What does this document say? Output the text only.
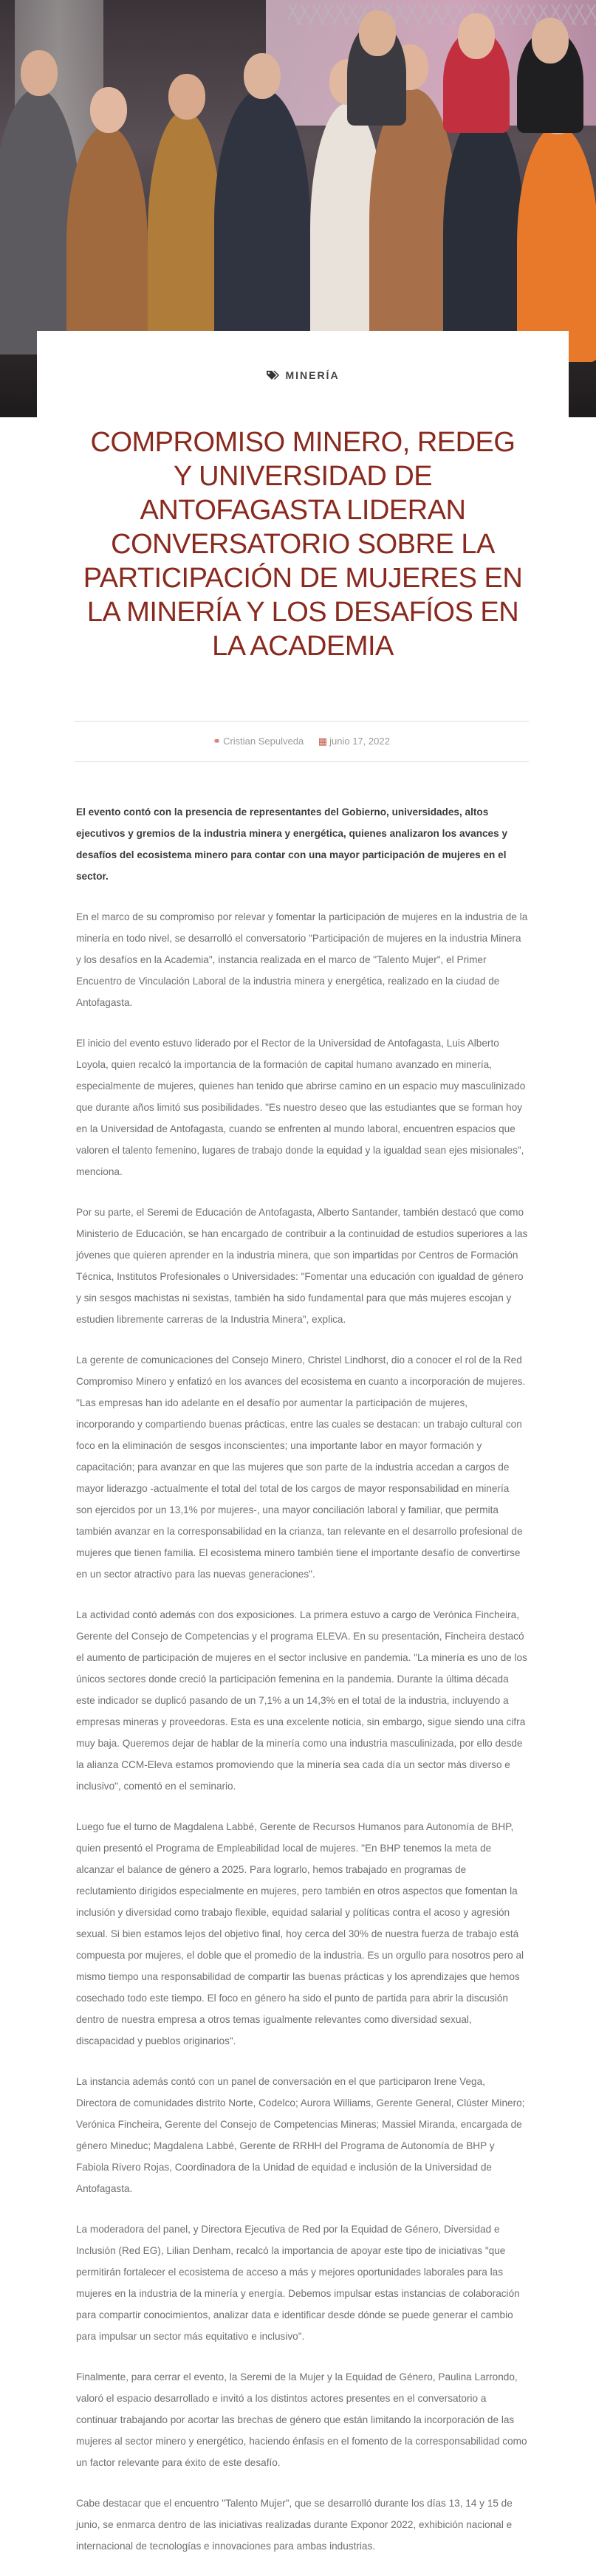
MINERÍA
COMPROMISO MINERO, REDEG Y UNIVERSIDAD DE ANTOFAGASTA LIDERAN CONVERSATORIO SOBRE LA PARTICIPACIÓN DE MUJERES EN LA MINERÍA Y LOS DESAFÍOS EN LA ACADEMIA
⚭ Cristian Sepulveda ▦ junio 17, 2022

El evento contó con la presencia de representantes del Gobierno, universidades, altos ejecutivos y gremios de la industria minera y energética, quienes analizaron los avances y desafíos del ecosistema minero para contar con una mayor participación de mujeres en el sector.

En el marco de su compromiso por relevar y fomentar la participación de mujeres en la industria de la minería en todo nivel, se desarrolló el conversatorio "Participación de mujeres en la industria Minera y los desafíos en la Academia", instancia realizada en el marco de "Talento Mujer", el Primer Encuentro de Vinculación Laboral de la industria minera y energética, realizado en la ciudad de Antofagasta.

El inicio del evento estuvo liderado por el Rector de la Universidad de Antofagasta, Luis Alberto Loyola, quien recalcó la importancia de la formación de capital humano avanzado en minería, especialmente de mujeres, quienes han tenido que abrirse camino en un espacio muy masculinizado que durante años limitó sus posibilidades. "Es nuestro deseo que las estudiantes que se forman hoy en la Universidad de Antofagasta, cuando se enfrenten al mundo laboral, encuentren espacios que valoren el talento femenino, lugares de trabajo donde la equidad y la igualdad sean ejes misionales", menciona.

Por su parte, el Seremi de Educación de Antofagasta, Alberto Santander, también destacó que como Ministerio de Educación, se han encargado de contribuir a la continuidad de estudios superiores a las jóvenes que quieren aprender en la industria minera, que son impartidas por Centros de Formación Técnica, Institutos Profesionales o Universidades: "Fomentar una educación con igualdad de género y sin sesgos machistas ni sexistas, también ha sido fundamental para que más mujeres escojan y estudien libremente carreras de la Industria Minera", explica.

La gerente de comunicaciones del Consejo Minero, Christel Lindhorst, dio a conocer el rol de la Red Compromiso Minero y enfatizó en los avances del ecosistema en cuanto a incorporación de mujeres. "Las empresas han ido adelante en el desafío por aumentar la participación de mujeres, incorporando y compartiendo buenas prácticas, entre las cuales se destacan: un trabajo cultural con foco en la eliminación de sesgos inconscientes; una importante labor en mayor formación y capacitación; para avanzar en que las mujeres que son parte de la industria accedan a cargos de mayor liderazgo -actualmente el total del total de los cargos de mayor responsabilidad en minería son ejercidos por un 13,1% por mujeres-, una mayor conciliación laboral y familiar, que permita también avanzar en la corresponsabilidad en la crianza, tan relevante en el desarrollo profesional de mujeres que tienen familia. El ecosistema minero también tiene el importante desafío de convertirse en un sector atractivo para las nuevas generaciones".

La actividad contó además con dos exposiciones. La primera estuvo a cargo de Verónica Fincheira, Gerente del Consejo de Competencias y el programa ELEVA. En su presentación, Fincheira destacó el aumento de participación de mujeres en el sector inclusive en pandemia. "La minería es uno de los únicos sectores donde creció la participación femenina en la pandemia. Durante la última década este indicador se duplicó pasando de un 7,1% a un 14,3% en el total de la industria, incluyendo a empresas mineras y proveedoras. Esta es una excelente noticia, sin embargo, sigue siendo una cifra muy baja. Queremos dejar de hablar de la minería como una industria masculinizada, por ello desde la alianza CCM-Eleva estamos promoviendo que la minería sea cada día un sector más diverso e inclusivo", comentó en el seminario.

Luego fue el turno de Magdalena Labbé, Gerente de Recursos Humanos para Autonomía de BHP, quien presentó el Programa de Empleabilidad local de mujeres. "En BHP tenemos la meta de alcanzar el balance de género a 2025. Para lograrlo, hemos trabajado en programas de reclutamiento dirigidos especialmente en mujeres, pero también en otros aspectos que fomentan la inclusión y diversidad como trabajo flexible, equidad salarial y políticas contra el acoso y agresión sexual. Si bien estamos lejos del objetivo final, hoy cerca del 30% de nuestra fuerza de trabajo está compuesta por mujeres, el doble que el promedio de la industria. Es un orgullo para nosotros pero al mismo tiempo una responsabilidad de compartir las buenas prácticas y los aprendizajes que hemos cosechado todo este tiempo. El foco en género ha sido el punto de partida para abrir la discusión dentro de nuestra empresa a otros temas igualmente relevantes como diversidad sexual, discapacidad y pueblos originarios".

La instancia además contó con un panel de conversación en el que participaron Irene Vega, Directora de comunidades distrito Norte, Codelco; Aurora Williams, Gerente General, Clúster Minero; Verónica Fincheira, Gerente del Consejo de Competencias Mineras; Massiel Miranda, encargada de género Mineduc; Magdalena Labbé, Gerente de RRHH del Programa de Autonomía de BHP y Fabiola Rivero Rojas, Coordinadora de la Unidad de equidad e inclusión de la Universidad de Antofagasta.

La moderadora del panel, y Directora Ejecutiva de Red por la Equidad de Género, Diversidad e Inclusión (Red EG), Lilian Denham, recalcó la importancia de apoyar este tipo de iniciativas "que permitirán fortalecer el ecosistema de acceso a más y mejores oportunidades laborales para las mujeres en la industria de la minería y energía. Debemos impulsar estas instancias de colaboración para compartir conocimientos, analizar data e identificar desde dónde se puede generar el cambio para impulsar un sector más equitativo e inclusivo".

Finalmente, para cerrar el evento, la Seremi de la Mujer y la Equidad de Género, Paulina Larrondo, valoró el espacio desarrollado e invitó a los distintos actores presentes en el conversatorio a continuar trabajando por acortar las brechas de género que están limitando la incorporación de las mujeres al sector minero y energético, haciendo énfasis en el fomento de la corresponsabilidad como un factor relevante para éxito de este desafío.

Cabe destacar que el encuentro "Talento Mujer", que se desarrolló durante los días 13, 14 y 15 de junio, se enmarca dentro de las iniciativas realizadas durante Exponor 2022, exhibición nacional e internacional de tecnologías e innovaciones para ambas industrias.
